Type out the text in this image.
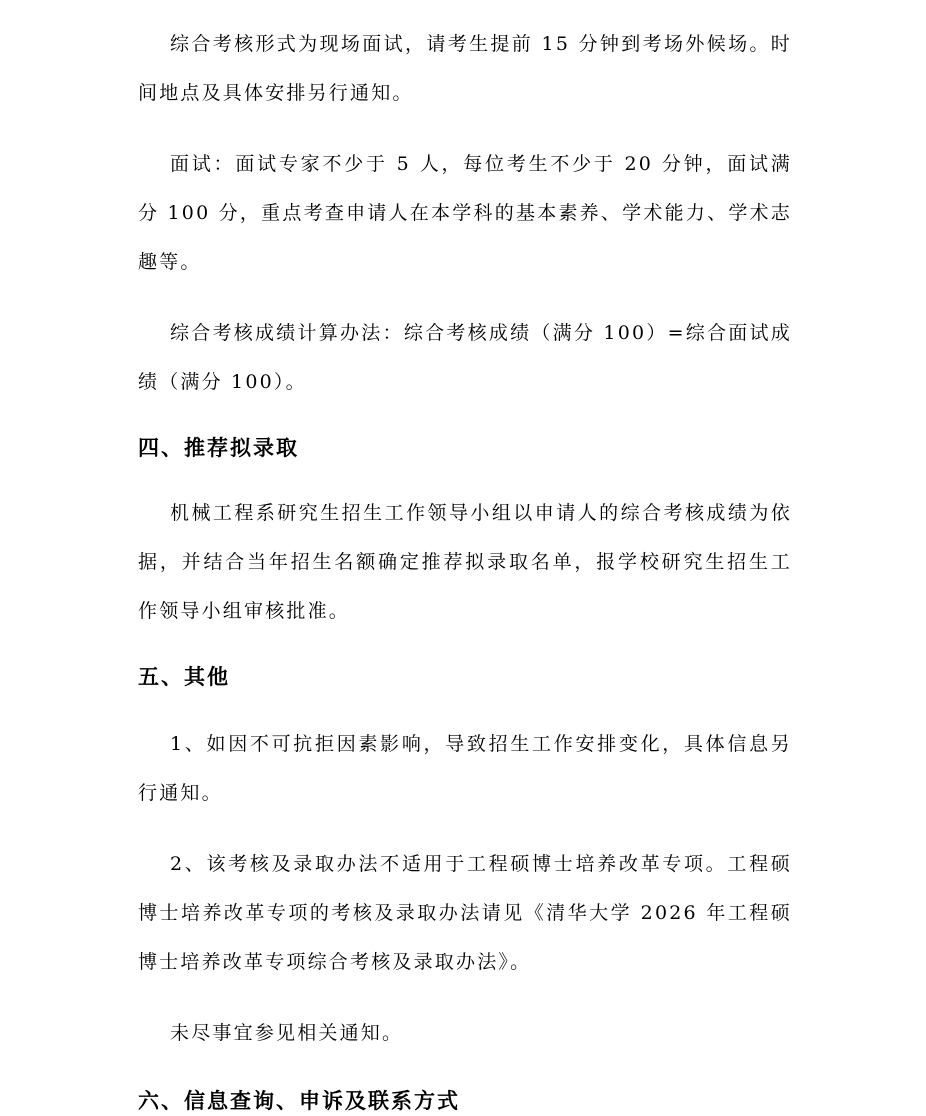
综合考核形式为现场面试，请考生提前 15 分钟到考场外候场。时间地点及具体安排另行通知。

面试：面试专家不少于 5 人，每位考生不少于 20 分钟，面试满分 100 分，重点考查申请人在本学科的基本素养、学术能力、学术志趣等。

综合考核成绩计算办法：综合考核成绩（满分 100）=综合面试成绩（满分 100）。

四、推荐拟录取

机械工程系研究生招生工作领导小组以申请人的综合考核成绩为依据，并结合当年招生名额确定推荐拟录取名单，报学校研究生招生工作领导小组审核批准。

五、其他

1、如因不可抗拒因素影响，导致招生工作安排变化，具体信息另行通知。

2、该考核及录取办法不适用于工程硕博士培养改革专项。工程硕博士培养改革专项的考核及录取办法请见《清华大学 2026 年工程硕博士培养改革专项综合考核及录取办法》。

未尽事宜参见相关通知。

六、信息查询、申诉及联系方式
